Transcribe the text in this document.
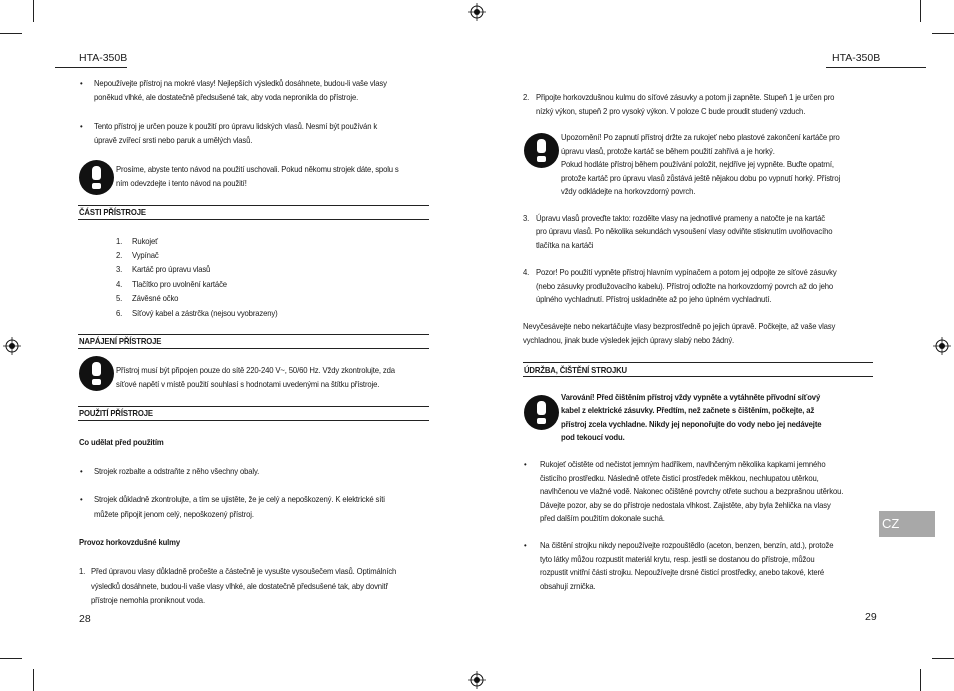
HTA-350B
• Nepoužívejte přístroj na mokré vlasy! Nejlepších výsledků dosáhnete, budou-li vaše vlasy
poněkud vlhké, ale dostatečně předsušené tak, aby voda nepronikla do přístroje.
• Tento přístroj je určen pouze k použití pro úpravu lidských vlasů. Nesmí být používán k
úpravě zvířecí srsti nebo paruk a umělých vlasů.
Prosíme, abyste tento návod na použití uschovali. Pokud někomu strojek dáte, spolu s
ním odevzdejte i tento návod na použití!
ČÁSTI PŘÍSTROJE
1. Rukojeť
2. Vypínač
3. Kartáč pro úpravu vlasů
4. Tlačítko pro uvolnění kartáče
5. Závěsné očko
6. Síťový kabel a zástrčka (nejsou vyobrazeny)
NAPÁJENÍ PŘÍSTROJE
Přístroj musí být připojen pouze do sítě 220-240 V~, 50/60 Hz. Vždy zkontrolujte, zda
síťové napětí v místě použití souhlasí s hodnotami uvedenými na štítku přístroje.
POUŽITÍ PŘÍSTROJE
Co udělat před použitím
• Strojek rozbalte a odstraňte z něho všechny obaly.
• Strojek důkladně zkontrolujte, a tím se ujistěte, že je celý a nepoškozený. K elektrické síti
můžete připojit jenom celý, nepoškozený přístroj.
Provoz horkovzdušné kulmy
1. Před úpravou vlasy důkladně pročešte a částečně je vysušte vysoušečem vlasů. Optimálních
výsledků dosáhnete, budou-li vaše vlasy vlhké, ale dostatečně předsušené tak, aby dovnitř
přístroje nemohla proniknout voda.
28
HTA-350B
2. Připojte horkovzdušnou kulmu do síťové zásuvky a potom ji zapněte. Stupeň 1 je určen pro
nízký výkon, stupeň 2 pro vysoký výkon. V poloze C bude proudit studený vzduch.
Upozornění! Po zapnutí přístroj držte za rukojeť nebo plastové zakončení kartáče pro
úpravu vlasů, protože kartáč se během použití zahřívá a je horký.
Pokud hodláte přístroj během používání položit, nejdříve jej vypněte. Buďte opatrní,
protože kartáč pro úpravu vlasů zůstává ještě nějakou dobu po vypnutí horký. Přístroj
vždy odkládejte na horkovzdorný povrch.
3. Úpravu vlasů proveďte takto: rozdělte vlasy na jednotlivé prameny a natočte je na kartáč
pro úpravu vlasů. Po několika sekundách vysoušení vlasy odviňte stisknutím uvolňovacího
tlačítka na kartáči
4. Pozor! Po použití vypněte přístroj hlavním vypínačem a potom jej odpojte ze síťové zásuvky
(nebo zásuvky prodlužovacího kabelu). Přístroj odložte na horkovzdorný povrch až do jeho
úplného vychladnutí. Přístroj uskladněte až po jeho úplném vychladnutí.
Nevyčesávejte nebo nekartáčujte vlasy bezprostředně po jejich úpravě. Počkejte, až vaše vlasy
vychladnou, jinak bude výsledek jejich úpravy slabý nebo žádný.
ÚDRŽBA, ČIŠTĚNÍ STROJKU
Varování! Před čištěním přístroj vždy vypněte a vytáhněte přívodní síťový
kabel z elektrické zásuvky. Předtím, než začnete s čištěním, počkejte, až
přístroj zcela vychladne. Nikdy jej neponořujte do vody nebo jej nedávejte
pod tekoucí vodu.
• Rukojeť očistěte od nečistot jemným hadříkem, navlhčeným několika kapkami jemného
čisticího prostředku. Následně otřete čisticí prostředek měkkou, nechlupatou utěrkou,
navlhčenou ve vlažné vodě. Nakonec očištěné povrchy otřete suchou a bezprašnou utěrkou.
Dávejte pozor, aby se do přístroje nedostala vlhkost. Zajistěte, aby byla žehlička na vlasy
před dalším použitím dokonale suchá.
• Na čištění strojku nikdy nepoužívejte rozpouštědlo (aceton, benzen, benzín, atd.), protože
tyto látky můžou rozpustit materiál krytu, resp. jestli se dostanou do přístroje, můžou
rozpustit vnitřní části strojku. Nepoužívejte drsné čisticí prostředky, anebo takové, které
obsahují zrnička.
CZ
29
